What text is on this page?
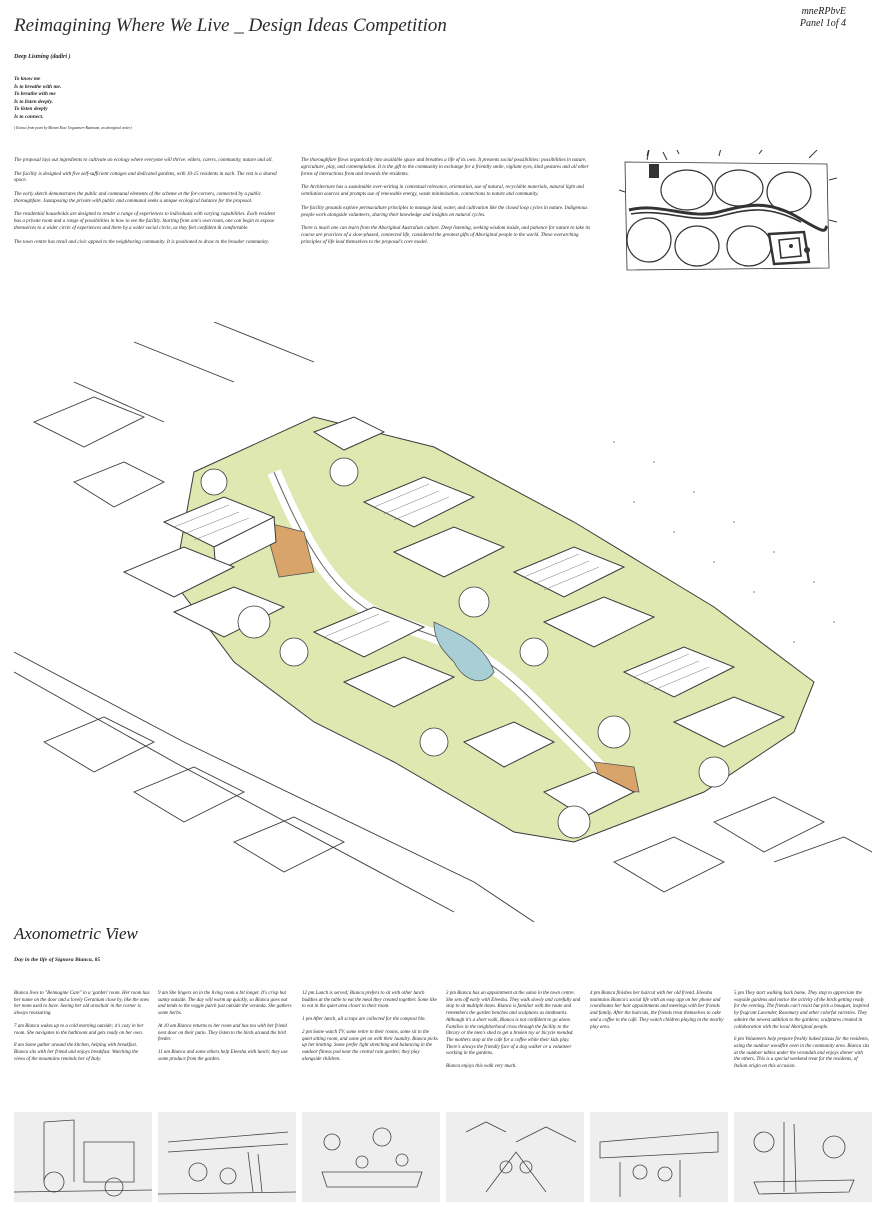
Reimagining Where We Live _ Design Ideas Competition
mneRPbvE
Panel 1of 4
Deep Listning (dadiri )
To know me
Is to breathe with me.
To breathe with me
Is to listen deeply.
To listen deeply
Is to connect.
( Extract from poem by Miriam Rose Ungunmerr-Baumann, an aboriginal writer)

The proposal lays out ingredients to cultivate an ecology where everyone will thrive: elders, carers, community, nature and all.

The facility is designed with five self-sufficient cottages and dedicated gardens, with 10-15 residents in each. The rest is a shared space.

The early sketch demonstrates the public and communal elements of the scheme at the for-corners, connected by a public thoroughfare. Juxtaposing the private with public and communal seeks a unique ecological balance for the proposal.

The residential households are designed to render a range of experiences to individuals with varying capabilities. Each resident has a private room and a range of possibilities in how to see the facility. Starting from one's own room, one can begin to expose themselves to a wider circle of experiences and there by a wider social circle, as they feel confident & comfortable.

The town centre has retail and civic appeal to the neighboring community. It is positioned to draw to the broader community.

The thoroughfare flows organically into available space and breathes a life of its own. It presents social possibilities: possibilities in nature, agriculture, play, and contemplation. It is the gift to the community in exchange for a friendly smile, vigilant eyes, kind gestures and all other forms of interactions from and towards the residents.

The Architecture has a sustainable over-writing in contextual relevance, orientation, use of natural, recyclable materials, natural light and ventilation sources and prompts use of renewable energy, waste minimization, connections to nature and community.

The facility grounds explore permaculture principles to manage land, water, and cultivation like the closed loop cycles in nature. Indigenous people work alongside volunteers, sharing their knowledge and insights on natural cycles.

There is much one can learn from the Aboriginal Australian culture. Deep listening, seeking wisdom inside, and patience for nature to take its course are practices of a slow-phased, connected life, considered the greatest gifts of Aboriginal people to the world. These overarching principles of life lead themselves to the proposal's core model.

Axonometric View
Day in the life of Signora Bianca, 85

Bianca lives to "Reimagine Care" in a 'garden' room. Her room has her name on the door and a lovely Geranium close by, like the ones her mom used to have. Seeing her old armchair in the corner is always reassuring.

7 am Bianca wakes up to a cold morning outside; it's cozy in her room. She navigates to the bathroom and gets ready on her own.

8 am Some gather around the kitchen, helping with breakfast. Bianca sits with her friend and enjoys breakfast. Watching the views of the mountains reminds her of Italy.

9 am She lingers on in the living room a bit longer. It's crisp but sunny outside. The day will warm up quickly, so Bianca goes out and tends to the veggie patch just outside the veranda. She gathers some herbs.

At 10 am Bianca returns to her room and has tea with her friend next door on their patio. They listen to the birds around the bird feeder.

11 am Bianca and some others help Eleesha with lunch; they use some produce from the garden.

12 pm Lunch is served; Bianca prefers to sit with other lunch buddies at the table to eat the meal they created together. Some like to eat in the quiet area closer to their room.

1 pm After lunch, all scraps are collected for the compost bin.

2 pm Some watch TV, some retire to their rooms, some sit in the quiet sitting room, and some get on with their laundry. Bianca picks up her knitting. Some prefer light stretching and balancing in the outdoor fitness pod near the central rain garden; they play alongside children.

3 pm Bianca has an appointment at the salon in the town centre. She sets off early with Eleesha. They walk slowly and carefully and stop to sit multiple times. Bianca is familiar with the route and remembers the garden benches and sculptures as landmarks. Although it's a short walk, Bianca is not confident to go alone. Families in the neighborhood cross through the facility to the library or the men's shed to get a broken toy or bicycle mended. The mothers stop at the café for a coffee while their kids play. There's always the friendly face of a dog walker or a volunteer working in the gardens.

Bianca enjoys this walk very much.

4 pm Bianca finishes her haircut with her old friend. Eleesha maintains Bianca's social life with an easy app on her phone and coordinates her hair appointments and meetings with her friends and family. After the haircuts, the friends treat themselves to cake and a coffee in the café. They watch children playing in the nearby play area.

5 pm They start walking back home. They stop to appreciate the wayside gardens and notice the activity of the birds getting ready for the evening. The friends can't resist but pick a bouquet, inspired by fragrant Lavender, Rosemary and other colorful varieties. They admire the newest addition to the gardens; sculptures created in collaboration with the local Aboriginal people.

6 pm Volunteers help prepare freshly baked pizzas for the residents, using the outdoor woodfire oven in the community area. Bianca sits at the outdoor tables under the verandah and enjoys dinner with the others. This is a special weekend treat for the residents, of Italian origin on this occasion.
